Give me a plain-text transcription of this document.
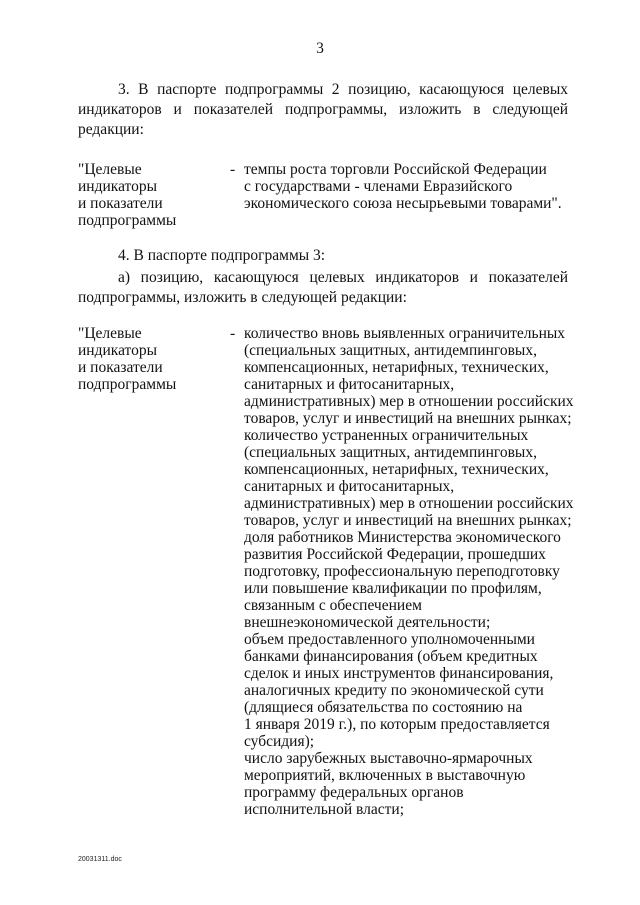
3

3. В паспорте подпрограммы 2 позицию, касающуюся целевых
индикаторов и показателей подпрограммы, изложить в следующей
редакции:

"Целевые
индикаторы
и показатели
подпрограммы
- темпы роста торговли Российской Федерации
с государствами - членами Евразийского
экономического союза несырьевыми товарами".

4. В паспорте подпрограммы 3:

а) позицию, касающуюся целевых индикаторов и показателей
подпрограммы, изложить в следующей редакции:

"Целевые
индикаторы
и показатели
подпрограммы
- количество вновь выявленных ограничительных
(специальных защитных, антидемпинговых,
компенсационных, нетарифных, технических,
санитарных и фитосанитарных,
административных) мер в отношении российских
товаров, услуг и инвестиций на внешних рынках;
количество устраненных ограничительных
(специальных защитных, антидемпинговых,
компенсационных, нетарифных, технических,
санитарных и фитосанитарных,
административных) мер в отношении российских
товаров, услуг и инвестиций на внешних рынках;
доля работников Министерства экономического
развития Российской Федерации, прошедших
подготовку, профессиональную переподготовку
или повышение квалификации по профилям,
связанным с обеспечением
внешнеэкономической деятельности;
объем предоставленного уполномоченными
банками финансирования (объем кредитных
сделок и иных инструментов финансирования,
аналогичных кредиту по экономической сути
(длящиеся обязательства по состоянию на
1 января 2019 г.), по которым предоставляется
субсидия);
число зарубежных выставочно-ярмарочных
мероприятий, включенных в выставочную
программу федеральных органов
исполнительной власти;
20031311.doc
